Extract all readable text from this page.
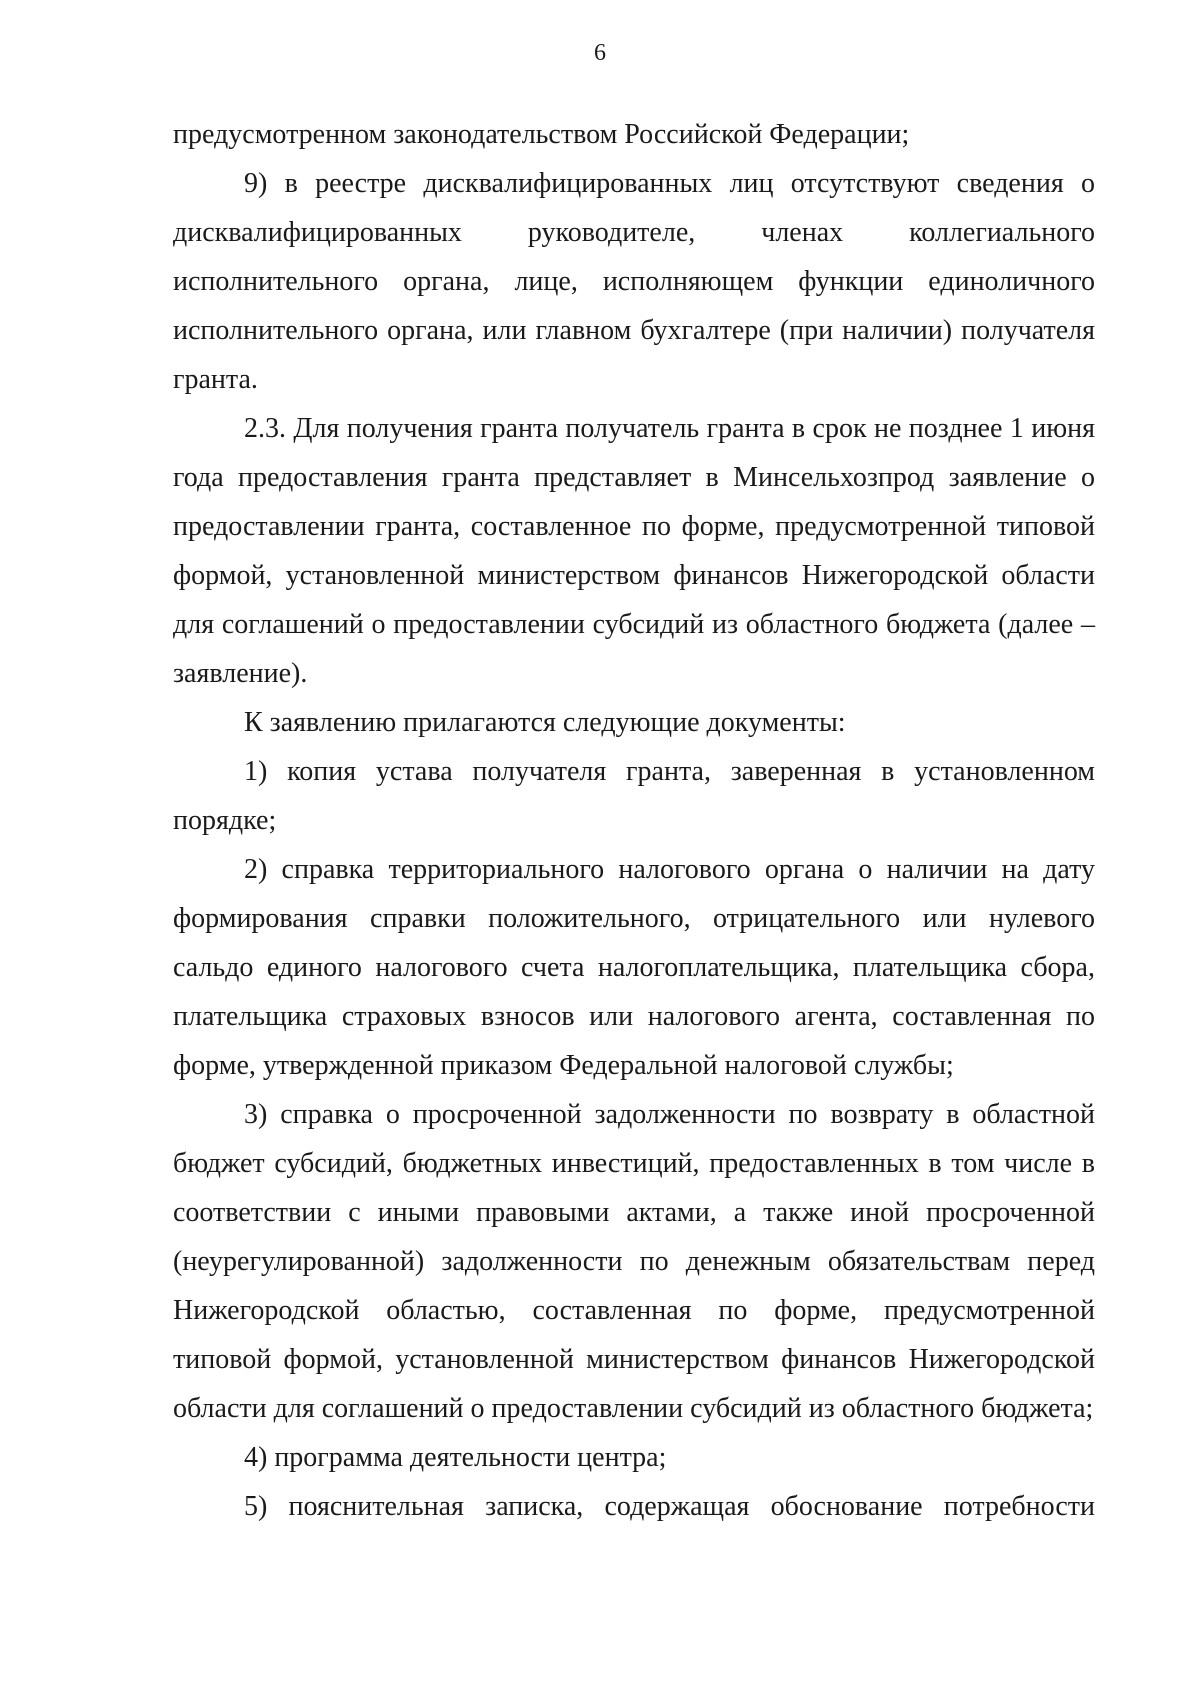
6

предусмотренном законодательством Российской Федерации;

9) в реестре дисквалифицированных лиц отсутствуют сведения о дисквалифицированных руководителе, членах коллегиального исполнительного органа, лице, исполняющем функции единоличного исполнительного органа, или главном бухгалтере (при наличии) получателя гранта.

2.3. Для получения гранта получатель гранта в срок не позднее 1 июня года предоставления гранта представляет в Минсельхозпрод заявление о предоставлении гранта, составленное по форме, предусмотренной типовой формой, установленной министерством финансов Нижегородской области для соглашений о предоставлении субсидий из областного бюджета (далее – заявление).

К заявлению прилагаются следующие документы:

1) копия устава получателя гранта, заверенная в установленном порядке;

2) справка территориального налогового органа о наличии на дату формирования справки положительного, отрицательного или нулевого сальдо единого налогового счета налогоплательщика, плательщика сбора, плательщика страховых взносов или налогового агента, составленная по форме, утвержденной приказом Федеральной налоговой службы;

3) справка о просроченной задолженности по возврату в областной бюджет субсидий, бюджетных инвестиций, предоставленных в том числе в соответствии с иными правовыми актами, а также иной просроченной (неурегулированной) задолженности по денежным обязательствам перед Нижегородской областью, составленная по форме, предусмотренной типовой формой, установленной министерством финансов Нижегородской области для соглашений о предоставлении субсидий из областного бюджета;

4) программа деятельности центра;

5) пояснительная записка, содержащая обоснование потребности
